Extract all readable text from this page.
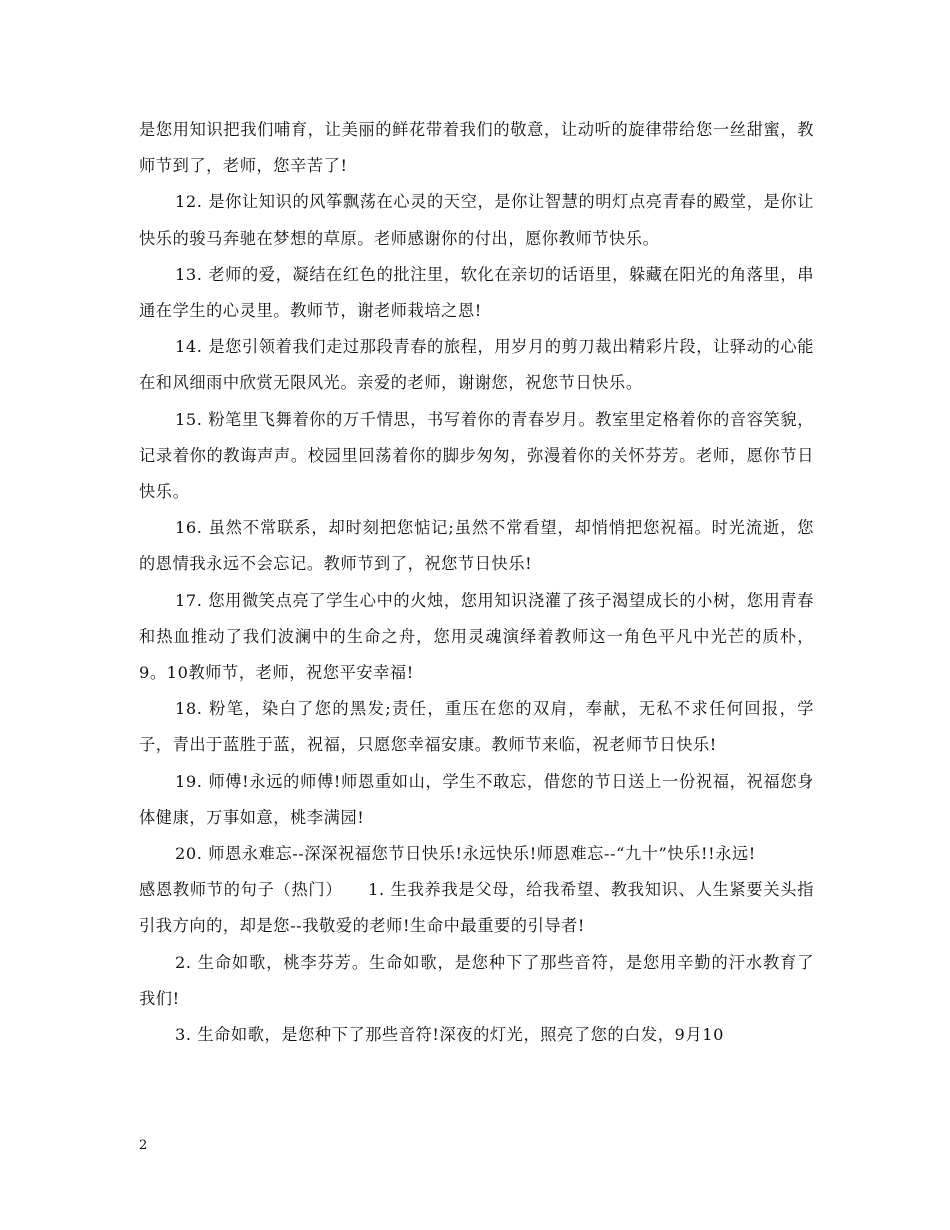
是您用知识把我们哺育，让美丽的鲜花带着我们的敬意，让动听的旋律带给您一丝甜蜜，教师节到了，老师，您辛苦了!

12. 是你让知识的风筝飘荡在心灵的天空，是你让智慧的明灯点亮青春的殿堂，是你让快乐的骏马奔驰在梦想的草原。老师感谢你的付出，愿你教师节快乐。

13. 老师的爱，凝结在红色的批注里，软化在亲切的话语里，躲藏在阳光的角落里，串通在学生的心灵里。教师节，谢老师栽培之恩!

14. 是您引领着我们走过那段青春的旅程，用岁月的剪刀裁出精彩片段，让驿动的心能在和风细雨中欣赏无限风光。亲爱的老师，谢谢您，祝您节日快乐。

15. 粉笔里飞舞着你的万千情思，书写着你的青春岁月。教室里定格着你的音容笑貌，记录着你的教诲声声。校园里回荡着你的脚步匆匆，弥漫着你的关怀芬芳。老师，愿你节日快乐。

16. 虽然不常联系，却时刻把您惦记;虽然不常看望，却悄悄把您祝福。时光流逝，您的恩情我永远不会忘记。教师节到了，祝您节日快乐!

17. 您用微笑点亮了学生心中的火烛，您用知识浇灌了孩子渴望成长的小树，您用青春和热血推动了我们波澜中的生命之舟，您用灵魂演绎着教师这一角色平凡中光芒的质朴，9。10教师节，老师，祝您平安幸福!

18. 粉笔，染白了您的黑发;责任，重压在您的双肩，奉献，无私不求任何回报，学子，青出于蓝胜于蓝，祝福，只愿您幸福安康。教师节来临，祝老师节日快乐!

19. 师傅!永远的师傅!师恩重如山，学生不敢忘，借您的节日送上一份祝福，祝福您身体健康，万事如意，桃李满园!

20. 师恩永难忘--深深祝福您节日快乐!永远快乐!师恩难忘--“九十”快乐!!永远!

感恩教师节的句子（热门）　　1. 生我养我是父母，给我希望、教我知识、人生紧要关头指引我方向的，却是您--我敬爱的老师!生命中最重要的引导者!

2. 生命如歌，桃李芬芳。生命如歌，是您种下了那些音符，是您用辛勤的汗水教育了我们!

3. 生命如歌，是您种下了那些音符!深夜的灯光，照亮了您的白发，9月10

2
